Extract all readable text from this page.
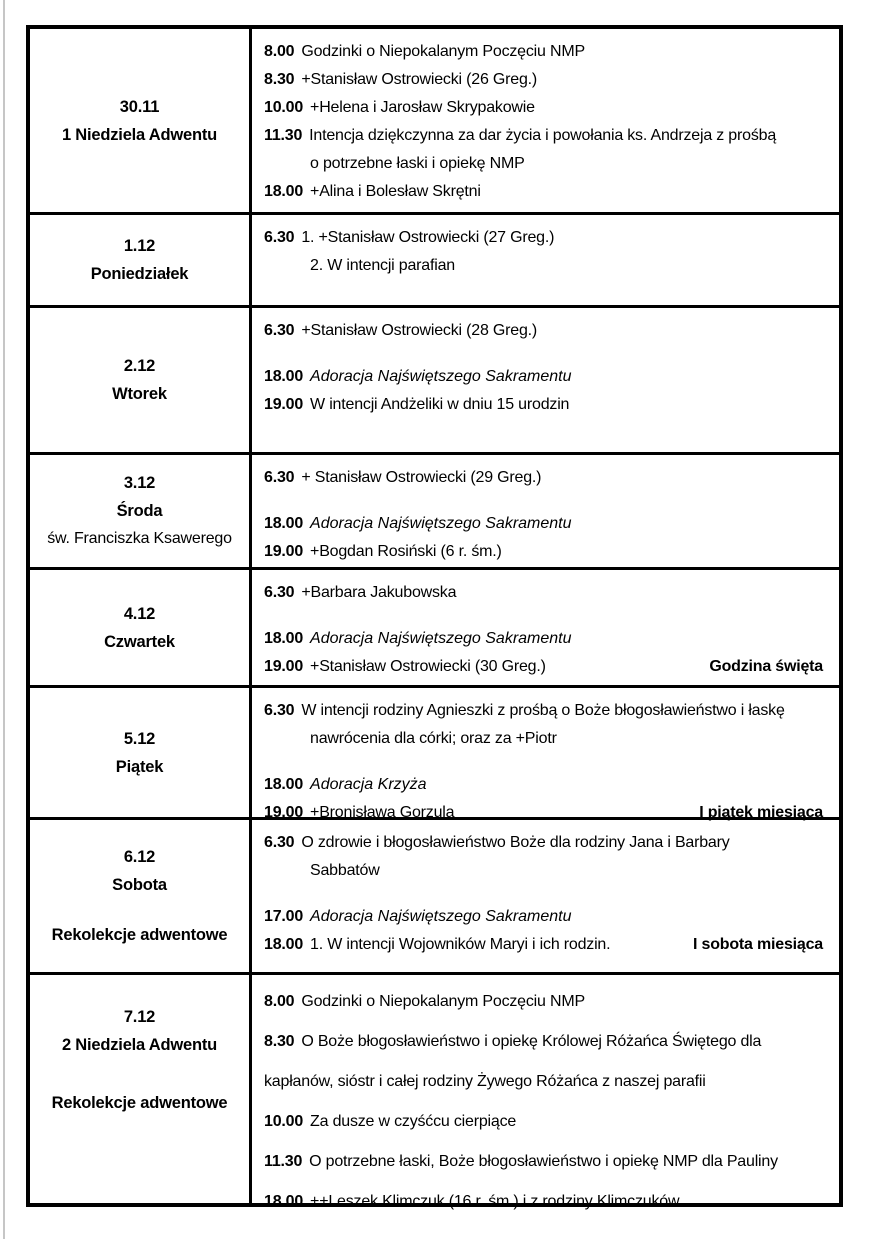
30.11
1 Niedziela Adwentu
8.00 Godzinki o Niepokalanym Poczęciu NMP
8.30 +Stanisław Ostrowiecki (26 Greg.)
10.00 +Helena i Jarosław Skrypakowie
11.30 Intencja dziękczynna za dar życia i powołania ks. Andrzeja z prośbą
o potrzebne łaski i opiekę NMP
18.00 +Alina i Bolesław Skrętni
1.12
Poniedziałek
6.30 1. +Stanisław Ostrowiecki (27 Greg.)
2. W intencji parafian
2.12
Wtorek
6.30 +Stanisław Ostrowiecki (28 Greg.)
18.00 Adoracja Najświętszego Sakramentu
19.00 W intencji Andżeliki w dniu 15 urodzin
3.12
Środa
św. Franciszka Ksawerego
6.30 + Stanisław Ostrowiecki (29 Greg.)
18.00 Adoracja Najświętszego Sakramentu
19.00 +Bogdan Rosiński (6 r. śm.)
4.12
Czwartek
6.30 +Barbara Jakubowska
18.00 Adoracja Najświętszego Sakramentu
19.00 +Stanisław Ostrowiecki (30 Greg.)	Godzina święta
5.12
Piątek
6.30 W intencji rodziny Agnieszki z prośbą o Boże błogosławieństwo i łaskę
nawrócenia dla córki; oraz za +Piotr
18.00 Adoracja Krzyża
19.00 +Bronisława Gorzula	I piątek miesiąca
6.12
Sobota
Rekolekcje adwentowe
6.30 O zdrowie i błogosławieństwo Boże dla rodziny Jana i Barbary
Sabbatów
17.00 Adoracja Najświętszego Sakramentu
18.00 1. W intencji Wojowników Maryi i ich rodzin.	I sobota miesiąca
7.12
2 Niedziela Adwentu
Rekolekcje adwentowe
8.00 Godzinki o Niepokalanym Poczęciu NMP
8.30 O Boże błogosławieństwo i opiekę Królowej Różańca Świętego dla
kapłanów, sióstr i całej rodziny Żywego Różańca z naszej parafii
10.00 Za dusze w czyśćcu cierpiące
11.30 O potrzebne łaski, Boże błogosławieństwo i opiekę NMP dla Pauliny
18.00 ++Leszek Klimczuk (16 r. śm.) i z rodziny Klimczuków
